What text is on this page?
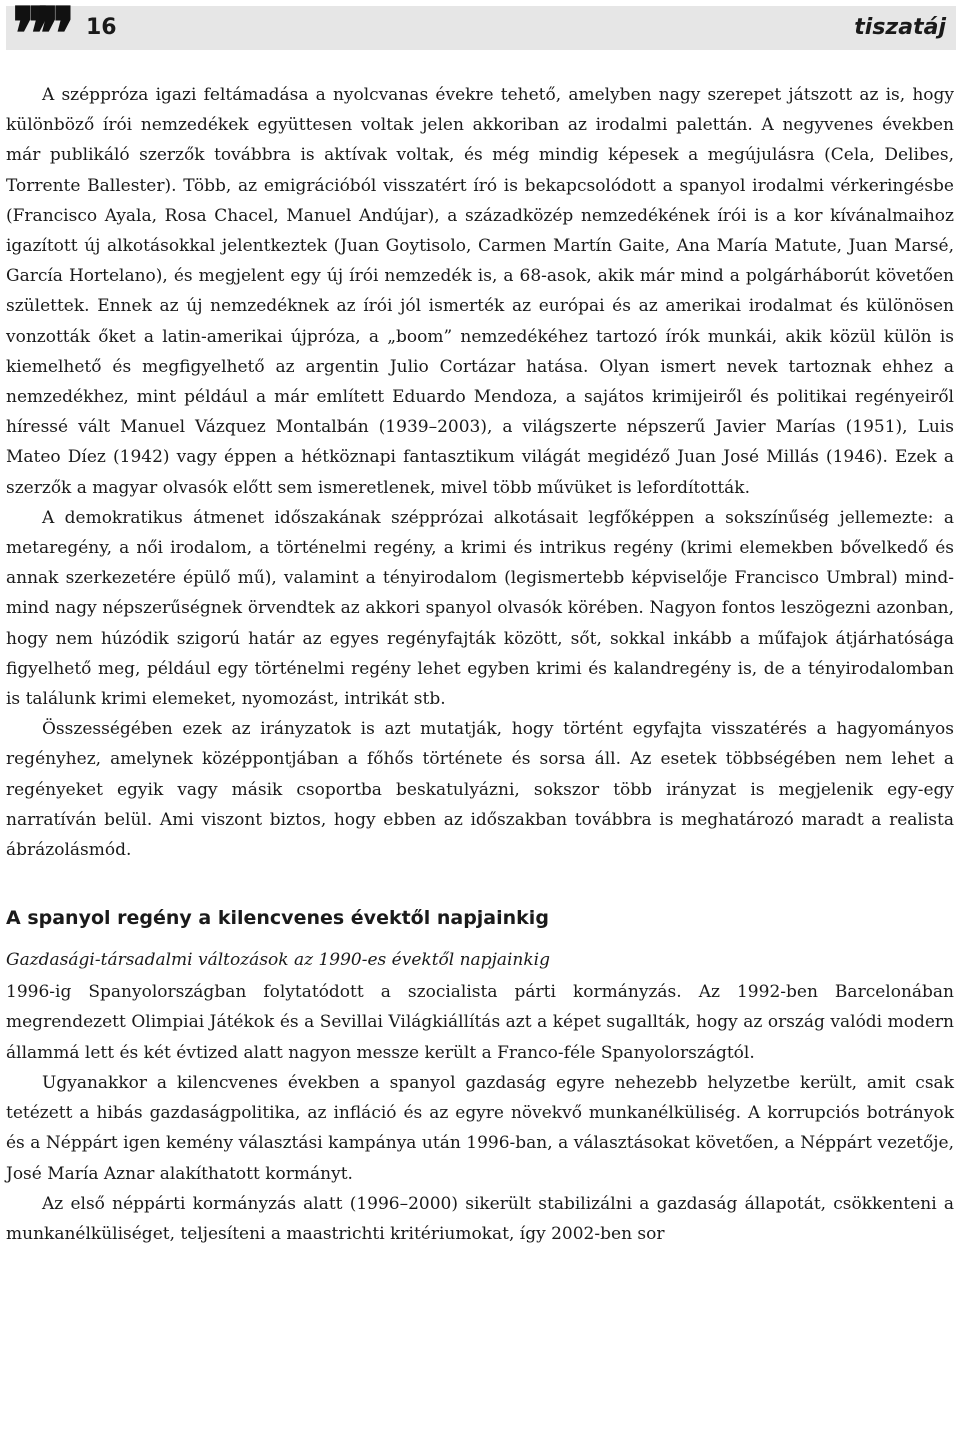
❞❞ 16	tiszatáj

A széppróza igazi feltámadása a nyolcvanas évekre tehető, amelyben nagy szerepet játszott az is, hogy különböző írói nemzedékek együttesen voltak jelen akkoriban az irodalmi palettán. A negyvenes években már publikáló szerzők továbbra is aktívak voltak, és még mindig képesek a megújulásra (Cela, Delibes, Torrente Ballester). Több, az emigrációból visszatért író is bekapcsolódott a spanyol irodalmi vérkeringésbe (Francisco Ayala, Rosa Chacel, Manuel Andújar), a századközép nemzedékének írói is a kor kívánalmaihoz igazított új alkotásokkal jelentkeztek (Juan Goytisolo, Carmen Martín Gaite, Ana María Matute, Juan Marsé, García Hortelano), és megjelent egy új írói nemzedék is, a 68-asok, akik már mind a polgárháborút követően születtek. Ennek az új nemzedéknek az írói jól ismerték az európai és az amerikai irodalmat és különösen vonzották őket a latin-amerikai újpróza, a „boom” nemzedékéhez tartozó írók munkái, akik közül külön is kiemelhető és megfigyelhető az argentin Julio Cortázar hatása. Olyan ismert nevek tartoznak ehhez a nemzedékhez, mint például a már említett Eduardo Mendoza, a sajátos krimijeiről és politikai regényeiről híressé vált Manuel Vázquez Montalbán (1939–2003), a világszerte népszerű Javier Marías (1951), Luis Mateo Díez (1942) vagy éppen a hétköznapi fantasztikum világát megidéző Juan José Millás (1946). Ezek a szerzők a magyar olvasók előtt sem ismeretlenek, mivel több művüket is lefordították.

A demokratikus átmenet időszakának szépprózai alkotásait legfőképpen a sokszínűség jellemezte: a metaregény, a női irodalom, a történelmi regény, a krimi és intrikus regény (krimi elemekben bővelkedő és annak szerkezetére épülő mű), valamint a tényirodalom (legismertebb képviselője Francisco Umbral) mind-mind nagy népszerűségnek örvendtek az akkori spanyol olvasók körében. Nagyon fontos leszögezni azonban, hogy nem húzódik szigorú határ az egyes regényfajták között, sőt, sokkal inkább a műfajok átjárhatósága figyelhető meg, például egy történelmi regény lehet egyben krimi és kalandregény is, de a tényirodalomban is találunk krimi elemeket, nyomozást, intrikát stb.

Összességében ezek az irányzatok is azt mutatják, hogy történt egyfajta visszatérés a hagyományos regényhez, amelynek középpontjában a főhős története és sorsa áll. Az esetek többségében nem lehet a regényeket egyik vagy másik csoportba beskatulyázni, sokszor több irányzat is megjelenik egy-egy narratíván belül. Ami viszont biztos, hogy ebben az időszakban továbbra is meghatározó maradt a realista ábrázolásmód.

A spanyol regény a kilencvenes évektől napjainkig
Gazdasági-társadalmi változások az 1990-es évektől napjainkig

1996-ig Spanyolországban folytatódott a szocialista párti kormányzás. Az 1992-ben Barcelonában megrendezett Olimpiai Játékok és a Sevillai Világkiállítás azt a képet sugallták, hogy az ország valódi modern állammá lett és két évtized alatt nagyon messze került a Franco-féle Spanyolországtól.

Ugyanakkor a kilencvenes években a spanyol gazdaság egyre nehezebb helyzetbe került, amit csak tetézett a hibás gazdaságpolitika, az infláció és az egyre növekvő munkanélküliség. A korrupciós botrányok és a Néppárt igen kemény választási kampánya után 1996-ban, a választásokat követően, a Néppárt vezetője, José María Aznar alakíthatott kormányt.

Az első néppárti kormányzás alatt (1996–2000) sikerült stabilizálni a gazdaság állapotát, csökkenteni a munkanélküliséget, teljesíteni a maastrichti kritériumokat, így 2002-ben sor
